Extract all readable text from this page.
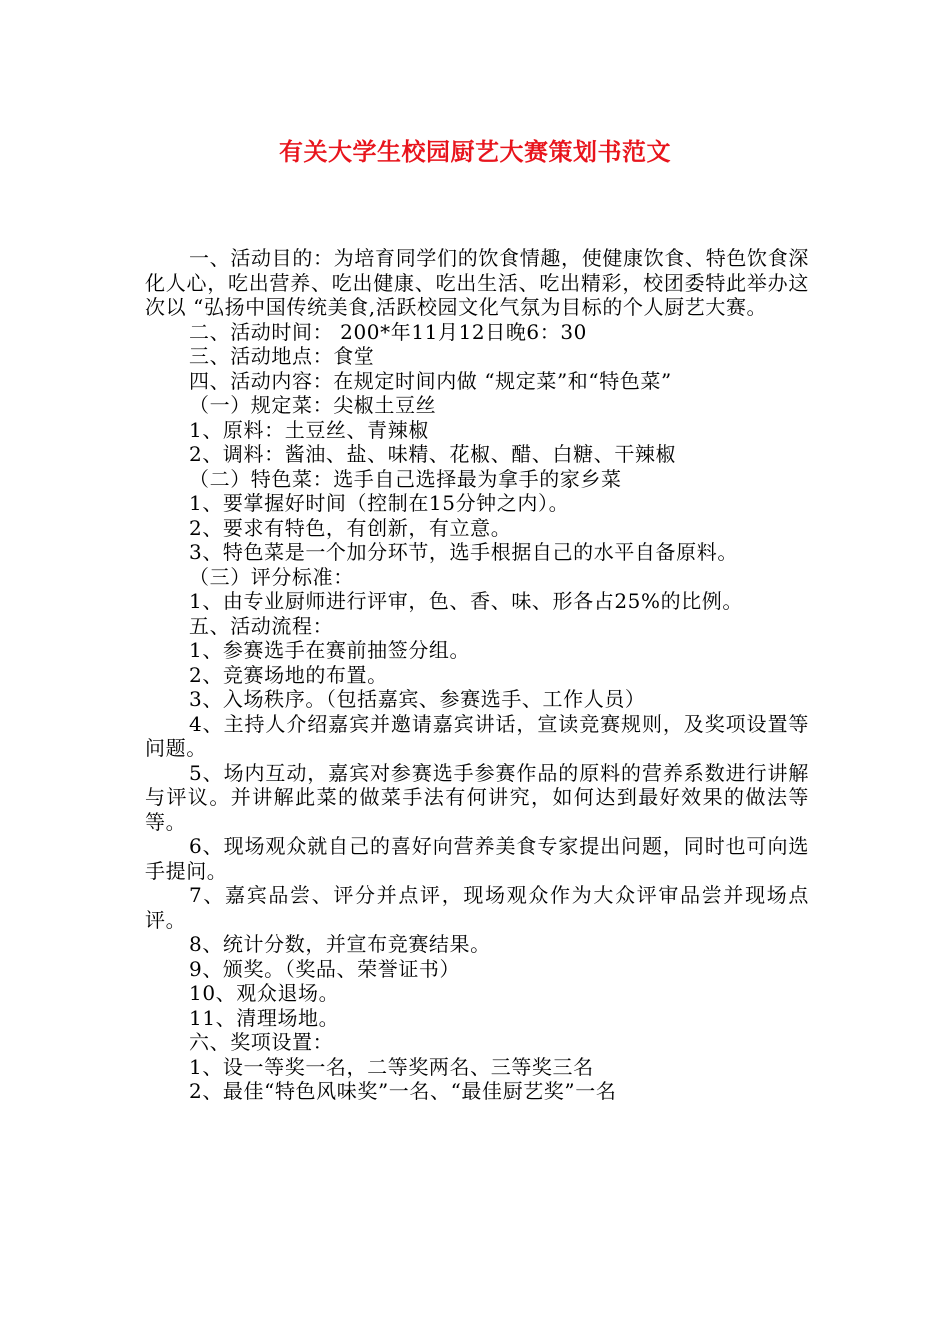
有关大学生校园厨艺大赛策划书范文

一、活动目的：为培育同学们的饮食情趣，使健康饮食、特色饮食深化人心，吃出营养、吃出健康、吃出生活、吃出精彩，校团委特此举办这次以 “弘扬中国传统美食,活跃校园文化气氛为目标的个人厨艺大赛。

二、活动时间： 200*年11月12日晚6：30

三、活动地点：食堂

四、活动内容：在规定时间内做 “规定菜”和“特色菜”

（一）规定菜：尖椒土豆丝

1、原料：土豆丝、青辣椒

2、调料：酱油、盐、味精、花椒、醋、白糖、干辣椒

（二）特色菜：选手自己选择最为拿手的家乡菜

1、要掌握好时间（控制在15分钟之内）。

2、要求有特色，有创新，有立意。

3、特色菜是一个加分环节，选手根据自己的水平自备原料。

（三）评分标准：

1、由专业厨师进行评审，色、香、味、形各占25%的比例。

五、活动流程：

1、参赛选手在赛前抽签分组。

2、竞赛场地的布置。

3、入场秩序。（包括嘉宾、参赛选手、工作人员）

4、主持人介绍嘉宾并邀请嘉宾讲话，宣读竞赛规则，及奖项设置等问题。

5、场内互动，嘉宾对参赛选手参赛作品的原料的营养系数进行讲解与评议。并讲解此菜的做菜手法有何讲究，如何达到最好效果的做法等等。

6、现场观众就自己的喜好向营养美食专家提出问题，同时也可向选手提问。

7、嘉宾品尝、评分并点评，现场观众作为大众评审品尝并现场点评。

8、统计分数，并宣布竞赛结果。

9、颁奖。（奖品、荣誉证书）

10、观众退场。

11、清理场地。

六、奖项设置：

1、设一等奖一名，二等奖两名、三等奖三名

2、最佳“特色风味奖”一名、“最佳厨艺奖”一名
